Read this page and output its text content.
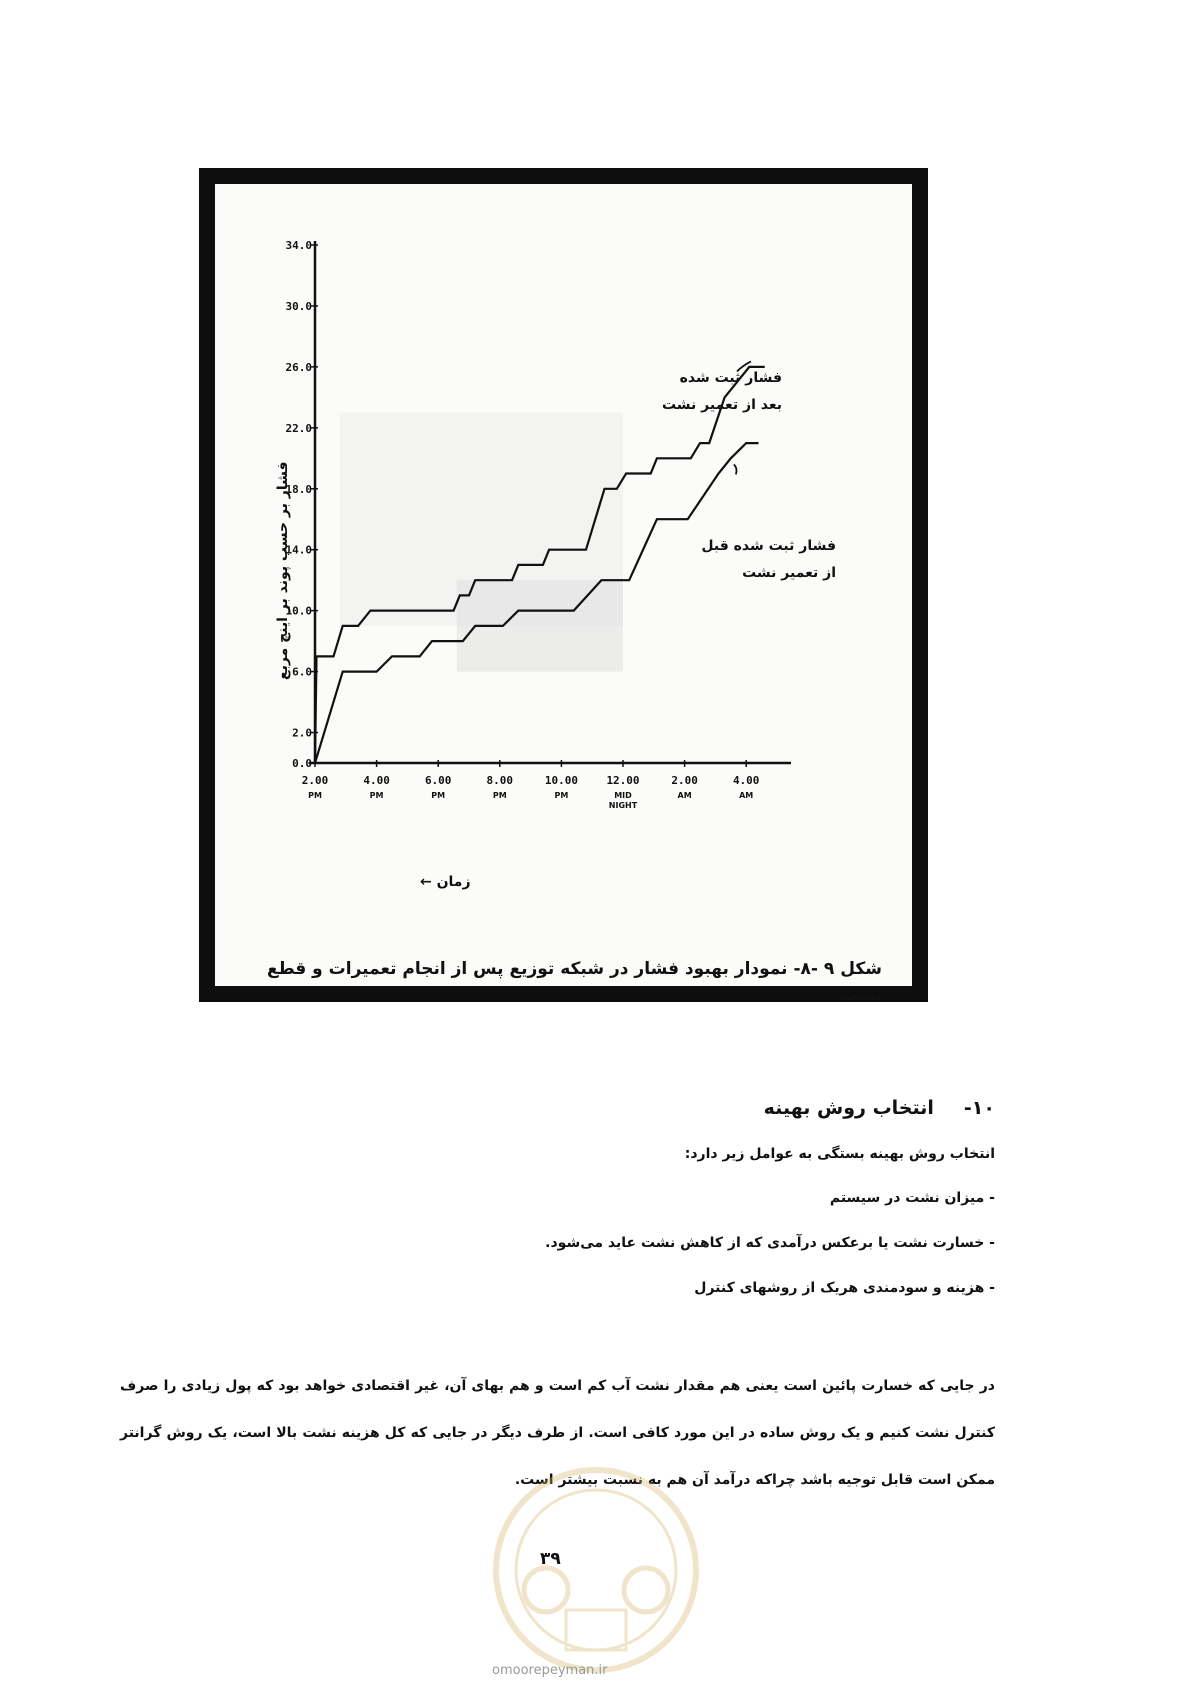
0.0
2.0
6.0
10.0
14.0
18.0
22.0
26.0
30.0
34.0
2.00
PM
4.00
PM
6.00
PM
8.00
PM
10.00
PM
12.00
MID
NIGHT
2.00
AM
4.00
AM
فشار ثبت شده
بعد از تعمیر نشت
فشار ثبت شده قبل
از تعمیر نشت
فشار بر حسب پوند بر اینچ مربع
زمان ←
شکل ۹ -۸- نمودار بهبود فشار در شبکه توزیع پس از انجام تعمیرات و قطع نشت
۱۰-انتخاب روش بهینه
انتخاب روش بهینه بستگی به عوامل زیر دارد:
- میزان نشت در سیستم
- خسارت نشت یا برعکس درآمدی که از کاهش نشت عاید می‌شود.
- هزینه و سودمندی هریک از روشهای کنترل
در جایی که خسارت پائین است یعنی هم مقدار نشت آب کم است و هم بهای آن، غیر اقتصادی خواهد بود که پول زیادی را صرف کنترل نشت کنیم و یک روش ساده در این مورد کافی است. از طرف دیگر در جایی که کل هزینه نشت بالا است، یک روش گرانتر ممکن است قابل توجیه باشد چراکه درآمد آن هم به نسبت بیشتر است.
۳۹
omoorepeyman.ir
